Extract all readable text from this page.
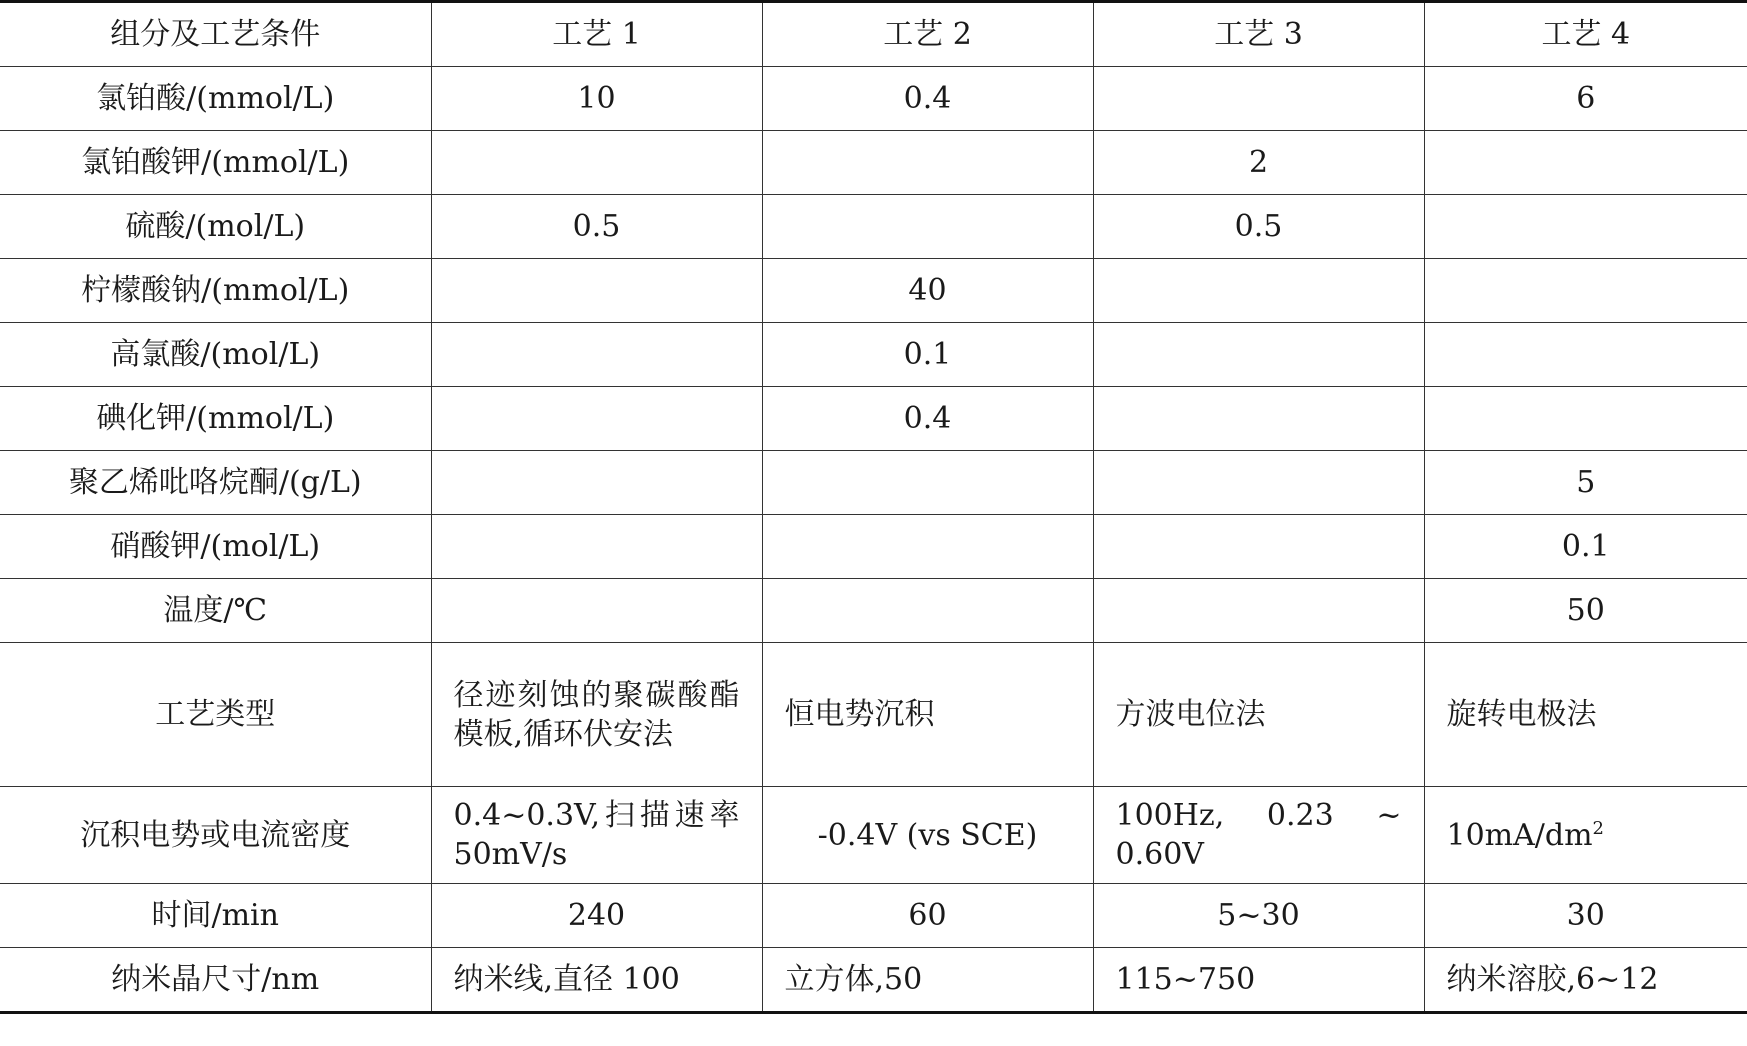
组分及工艺条件	工艺 1	工艺 2	工艺 3	工艺 4
氯铂酸/(mmol/L)	10	0.4		6
氯铂酸钾/(mmol/L)			2	
硫酸/(mol/L)	0.5		0.5	
柠檬酸钠/(mmol/L)		40		
高氯酸/(mol/L)		0.1		
碘化钾/(mmol/L)		0.4		
聚乙烯吡咯烷酮/(g/L)				5
硝酸钾/(mol/L)				0.1
温度/℃				50
工艺类型	径迹刻蚀的聚碳酸酯模板,循环伏安法	恒电势沉积	方波电位法	旋转电极法
沉积电势或电流密度	0.4~0.3V,扫描速率 50mV/s	-0.4V (vs SCE)	100Hz, 0.23 ~ 0.60V	$10mA/dm^2$
时间/min	240	60	5~30	30
纳米晶尺寸/nm	纳米线,直径 100	立方体,50	115~750	纳米溶胶,6~12
